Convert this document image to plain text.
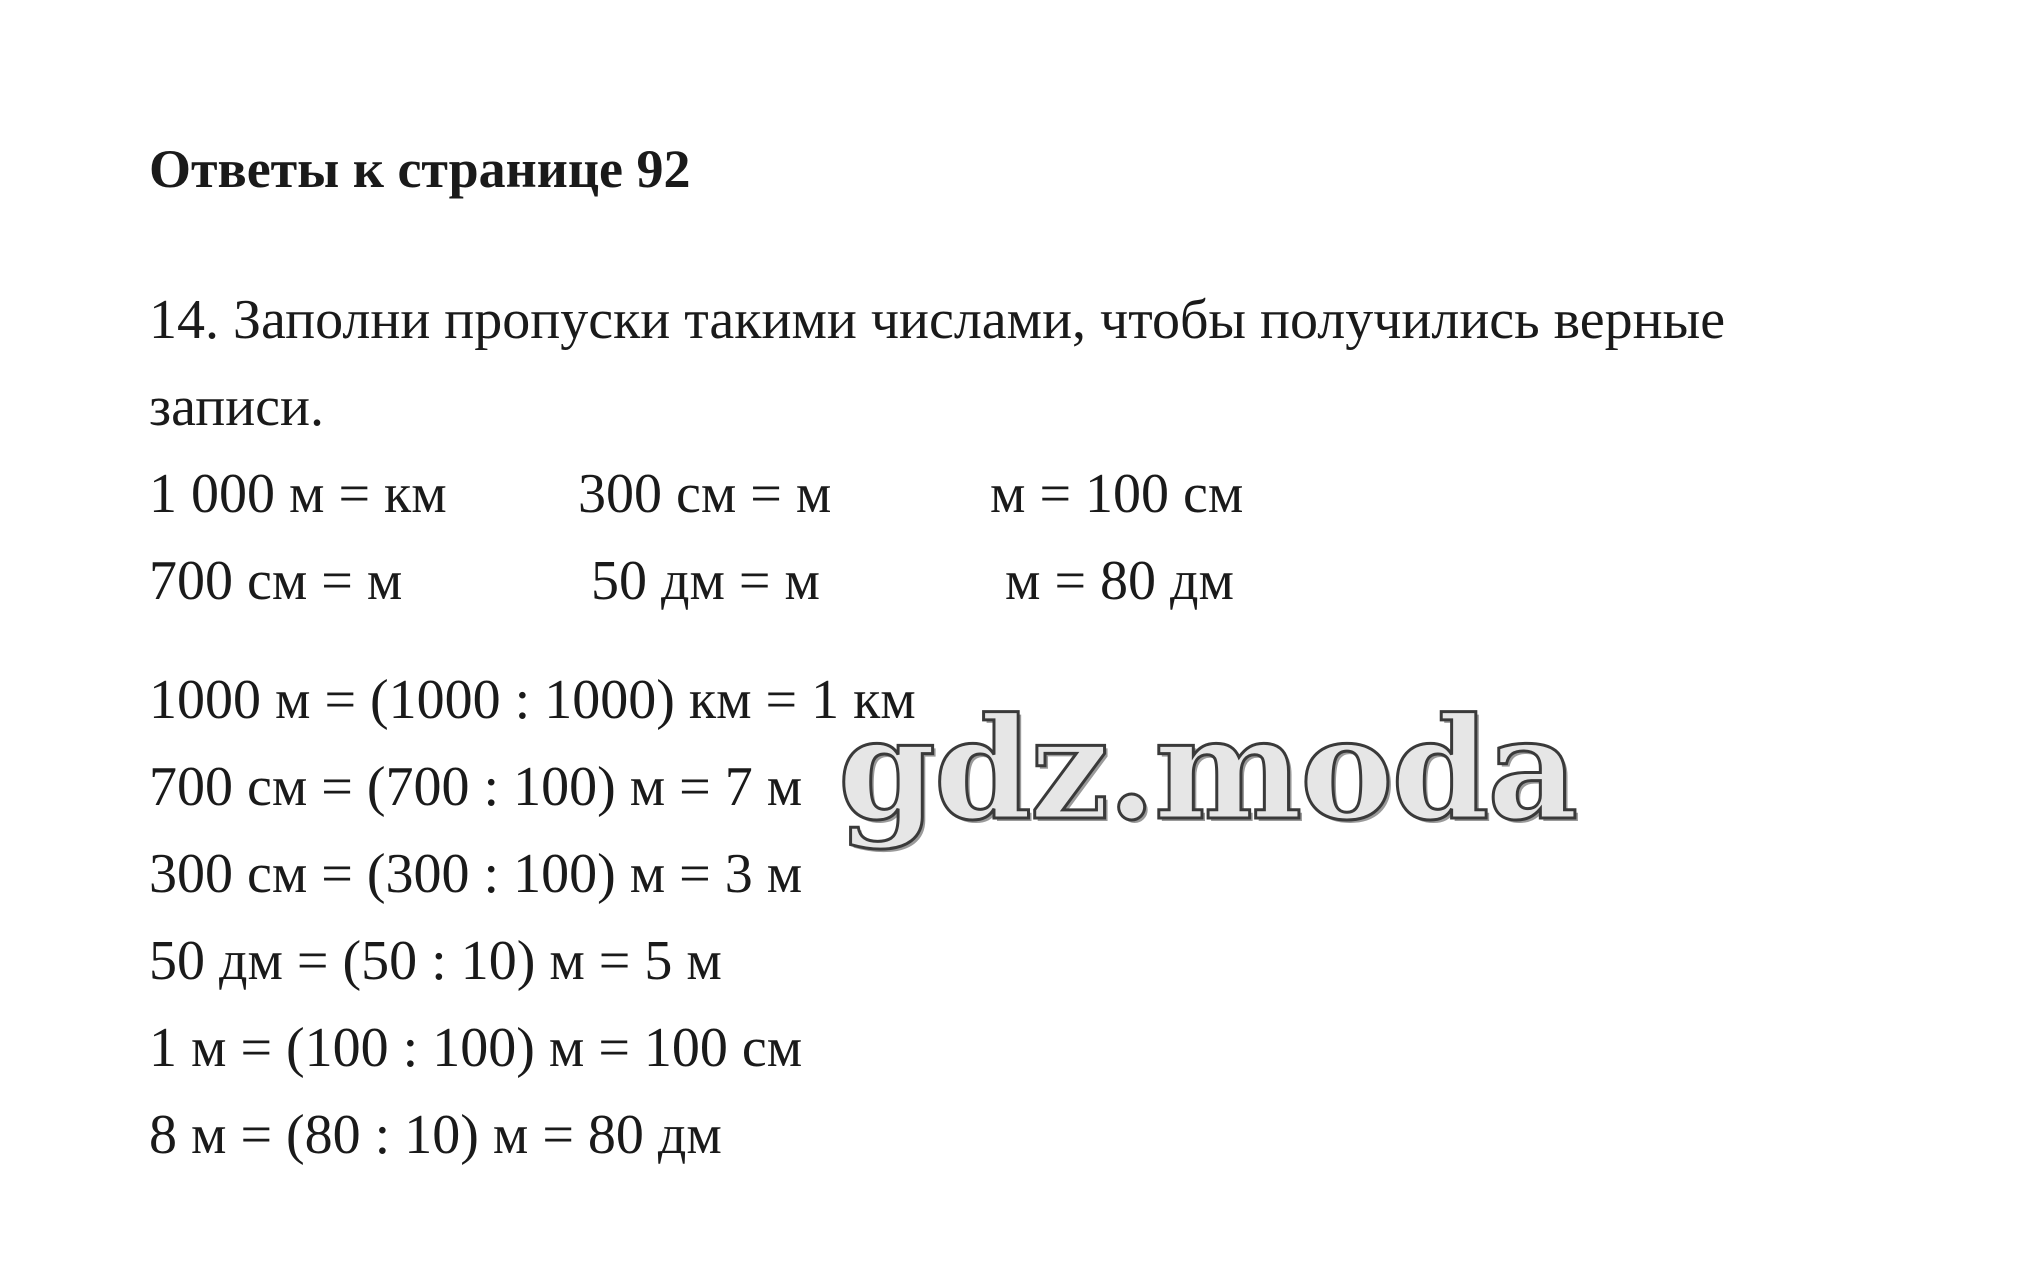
Ответы к странице 92
14. Заполни пропуски такими числами, чтобы получились верные
записи.
1 000 м = км 300 см = м	м = 100 см
700 см = м	50 дм = м	м = 80 дм
1000 м = (1000 : 1000) км = 1 км
700 см = (700 : 100) м = 7 м
300 см = (300 : 100) м = 3 м
50 дм = (50 : 10) м = 5 м
1 м = (100 : 100) м = 100 см
8 м = (80 : 10) м = 80 дм
gdz.moda
